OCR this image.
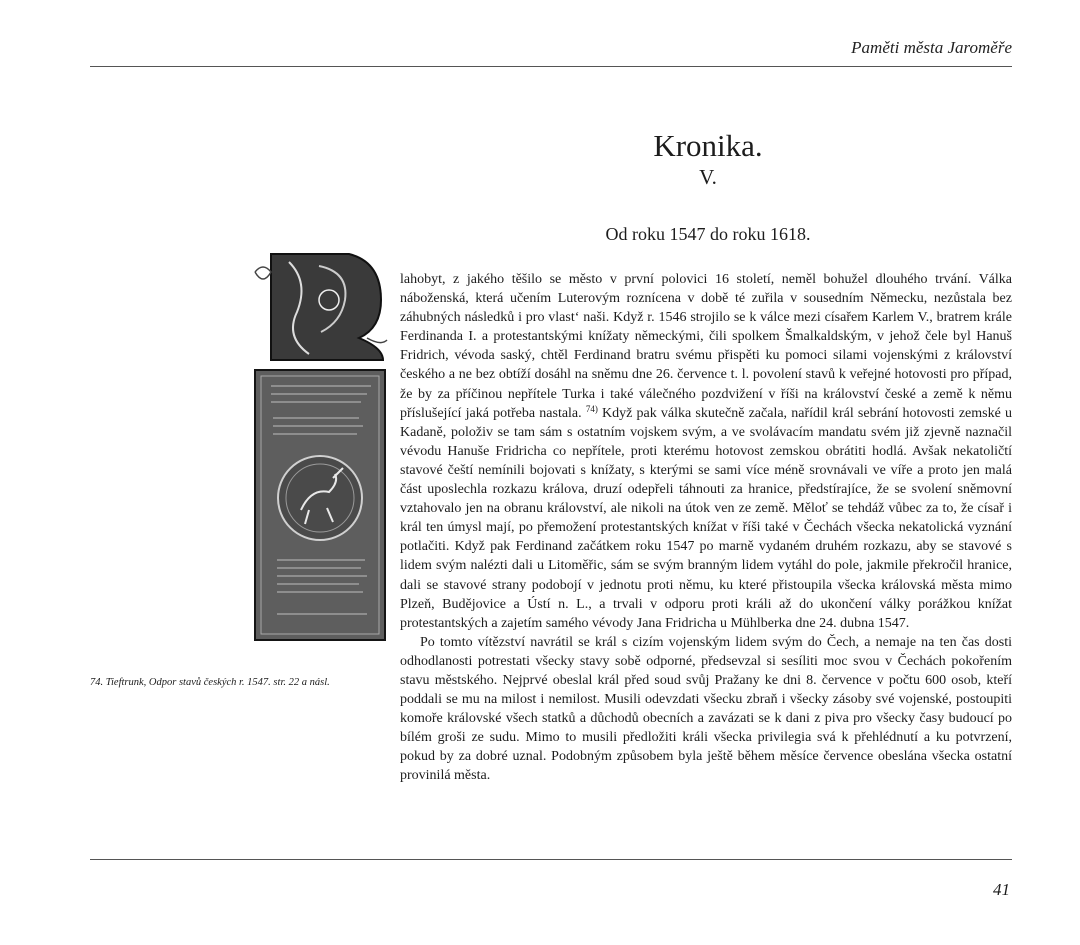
Paměti města Jaroměře
Kronika.
V.
Od roku 1547 do roku 1618.
74. Tieftrunk, Odpor stavů českých r. 1547. str. 22 a násl.

lahobyt, z jakého těšilo se město v první polovici 16 století, neměl bohužel dlouhého trvání. Válka náboženská, která učením Luterovým roznícena v době té zuřila v sousedním Německu, nezůstala bez záhubných následků i pro vlast‘ naši. Když r. 1546 strojilo se k válce mezi císařem Karlem V., bratrem krále Ferdinanda I. a protestantskými knížaty německými, čili spolkem Šmalkaldským, v jehož čele byl Hanuš Fridrich, vévoda saský, chtěl Ferdinand bratru svému přispěti ku pomoci silami vojenskými z království českého a ne bez obtíží dosáhl na sněmu dne 26. července t. l. povolení stavů k veřejné hotovosti pro případ, že by za příčinou nepřítele Turka i také válečného pozdvižení v říši na království české a země k němu příslušející jaká potřeba nastala. $^{74)}$ Když pak válka skutečně začala, nařídil král sebrání hotovosti zemské u Kadaně, položiv se tam sám s ostatním vojskem svým, a ve svolávacím mandatu svém již zjevně naznačil vévodu Hanuše Fridricha co nepřítele, proti kterému hotovost zemskou obrátiti hodlá. Avšak nekatoličtí stavové čeští nemínili bojovati s knížaty, s kterými se sami více méně srovnávali ve víře a proto jen malá část uposlechla rozkazu králova, druzí odepřeli táhnouti za hranice, předstírajíce, že se svolení sněmovní vztahovalo jen na obranu království, ale nikoli na útok ven ze země. Měloť se tehdáž vůbec za to, že císař i král ten úmysl mají, po přemožení protestantských knížat v říši také v Čechách všecka nekatolická vyznání potlačiti. Když pak Ferdinand začátkem roku 1547 po marně vydaném druhém rozkazu, aby se stavové s lidem svým nalézti dali u Litoměřic, sám se svým branným lidem vytáhl do pole, jakmile překročil hranice, dali se stavové strany podobojí v jednotu proti němu, ku které přistoupila všecka královská města mimo Plzeň, Budějovice a Ústí n. L., a trvali v odporu proti králi až do ukončení války porážkou knížat protestantských a zajetím samého vévody Jana Fridricha u Mühlberka dne 24. dubna 1547.

Po tomto vítězství navrátil se král s cizím vojenským lidem svým do Čech, a nemaje na ten čas dosti odhodlanosti potrestati všecky stavy sobě odporné, předsevzal si sesíliti moc svou v Čechách pokořením stavu městského. Nejprvé obeslal král před soud svůj Pražany ke dni 8. července v počtu 600 osob, kteří poddali se mu na milost i nemilost. Musili odevzdati všecku zbraň i všecky zásoby své vojenské, postoupiti komoře královské všech statků a důchodů obecních a zavázati se k dani z piva pro všecky časy budoucí po bílém groši ze sudu. Mimo to musili předložiti králi všecka privilegia svá k přehlédnutí a ku potvrzení, pokud by za dobré uznal. Podobným způsobem byla ještě během měsíce července obeslána všecka ostatní provinilá města.

41
